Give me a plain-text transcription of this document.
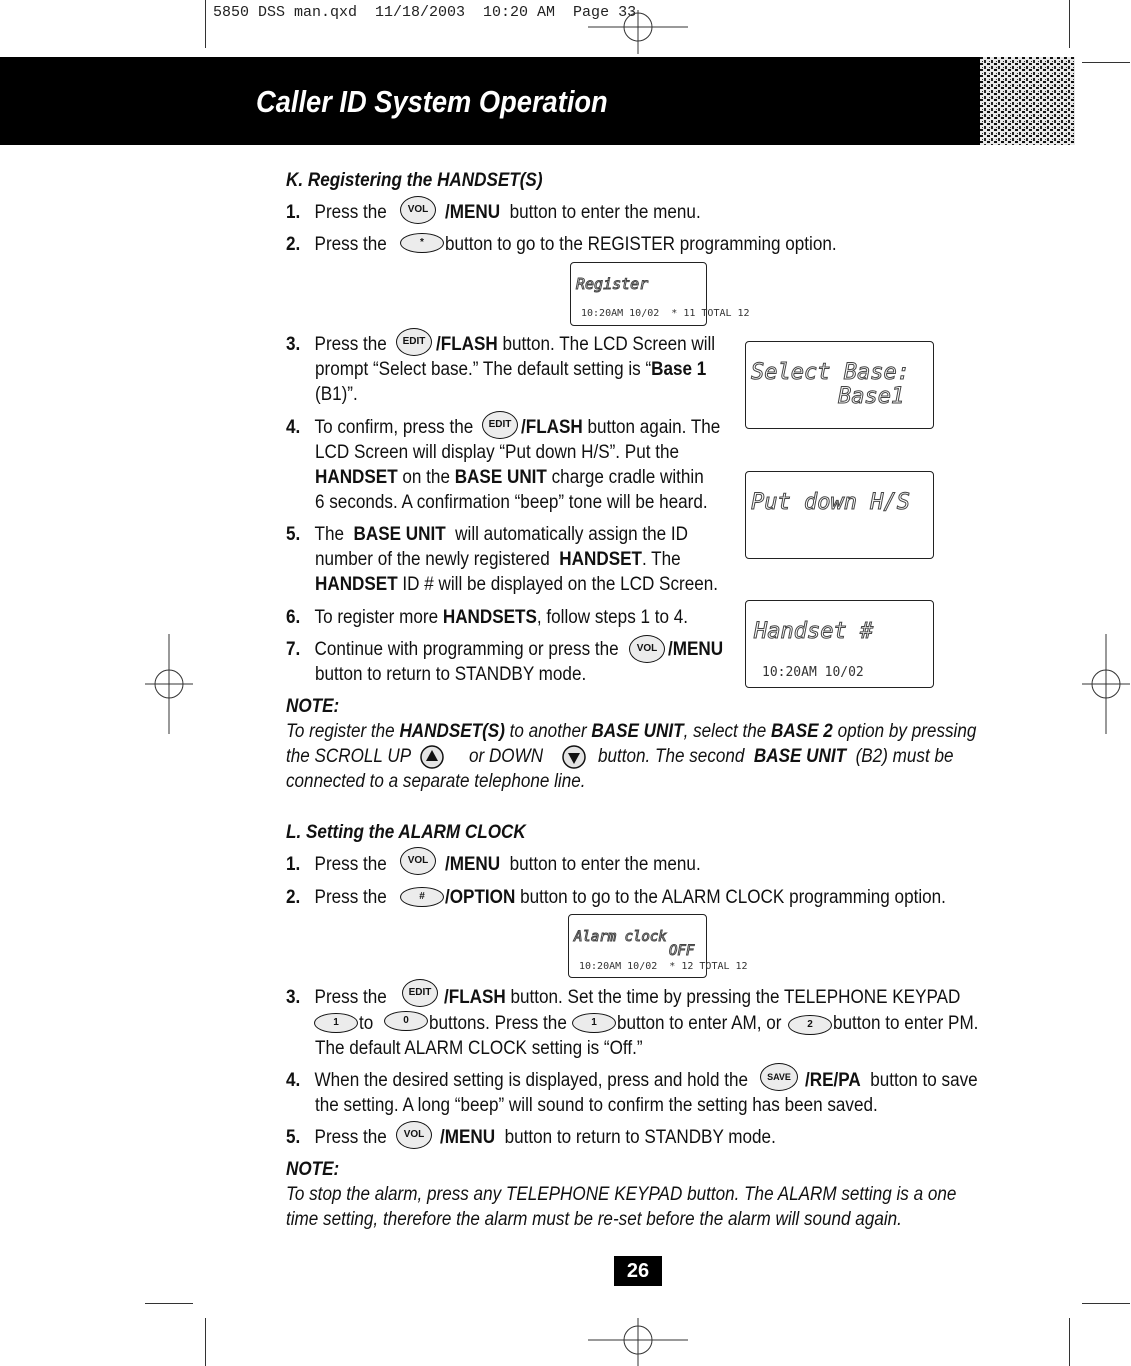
5850 DSS man.qxd  11/18/2003  10:20 AM  Page 33
Caller ID System Operation
K. Registering the HANDSET(S)
1. Press the	VOL /MENU button to enter the menu.
2. Press the	*	button to go to the REGISTER programming option.
Register
10:20AM 10/02  * 11 TOTAL 12
3. Press the	EDIT /FLASH button. The LCD Screen will
prompt “Select base.” The default setting is “Base 1
(B1)”.
4. To confirm, press the	EDIT /FLASH button again. The
LCD Screen will display “Put down H/S”. Put the
HANDSET on the BASE UNIT charge cradle within
6 seconds. A confirmation “beep” tone will be heard.
5. The BASE UNIT will automatically assign the ID
number of the newly registered HANDSET. The
HANDSET ID # will be displayed on the LCD Screen.
6. To register more HANDSETS, follow steps 1 to 4.
7. Continue with programming or press the	VOL /MENU
button to return to STANDBY mode.
Select Base:
Base1
Put down H/S
Handset #
10:20AM 10/02
NOTE:
To register the HANDSET(S) to another BASE UNIT, select the BASE 2 option by pressing
the SCROLL UP	or DOWN	button. The second BASE UNIT (B2) must be
connected to a separate telephone line.
L. Setting the ALARM CLOCK
1. Press the	VOL /MENU button to enter the menu.
2. Press the	#	/OPTION button to go to the ALARM CLOCK programming option.
Alarm clock
OFF
10:20AM 10/02  * 12 TOTAL 12
3. Press the	EDIT /FLASH button. Set the time by pressing the TELEPHONE KEYPAD
1	to	0	buttons. Press the	1	button to enter AM, or	2	button to enter PM.
The default ALARM CLOCK setting is “Off.”
4. When the desired setting is displayed, press and hold the	SAVE /RE/PA button to save
the setting. A long “beep” will sound to confirm the setting has been saved.
5. Press the	VOL /MENU button to return to STANDBY mode.
NOTE:
To stop the alarm, press any TELEPHONE KEYPAD button. The ALARM setting is a one
time setting, therefore the alarm must be re-set before the alarm will sound again.
26
